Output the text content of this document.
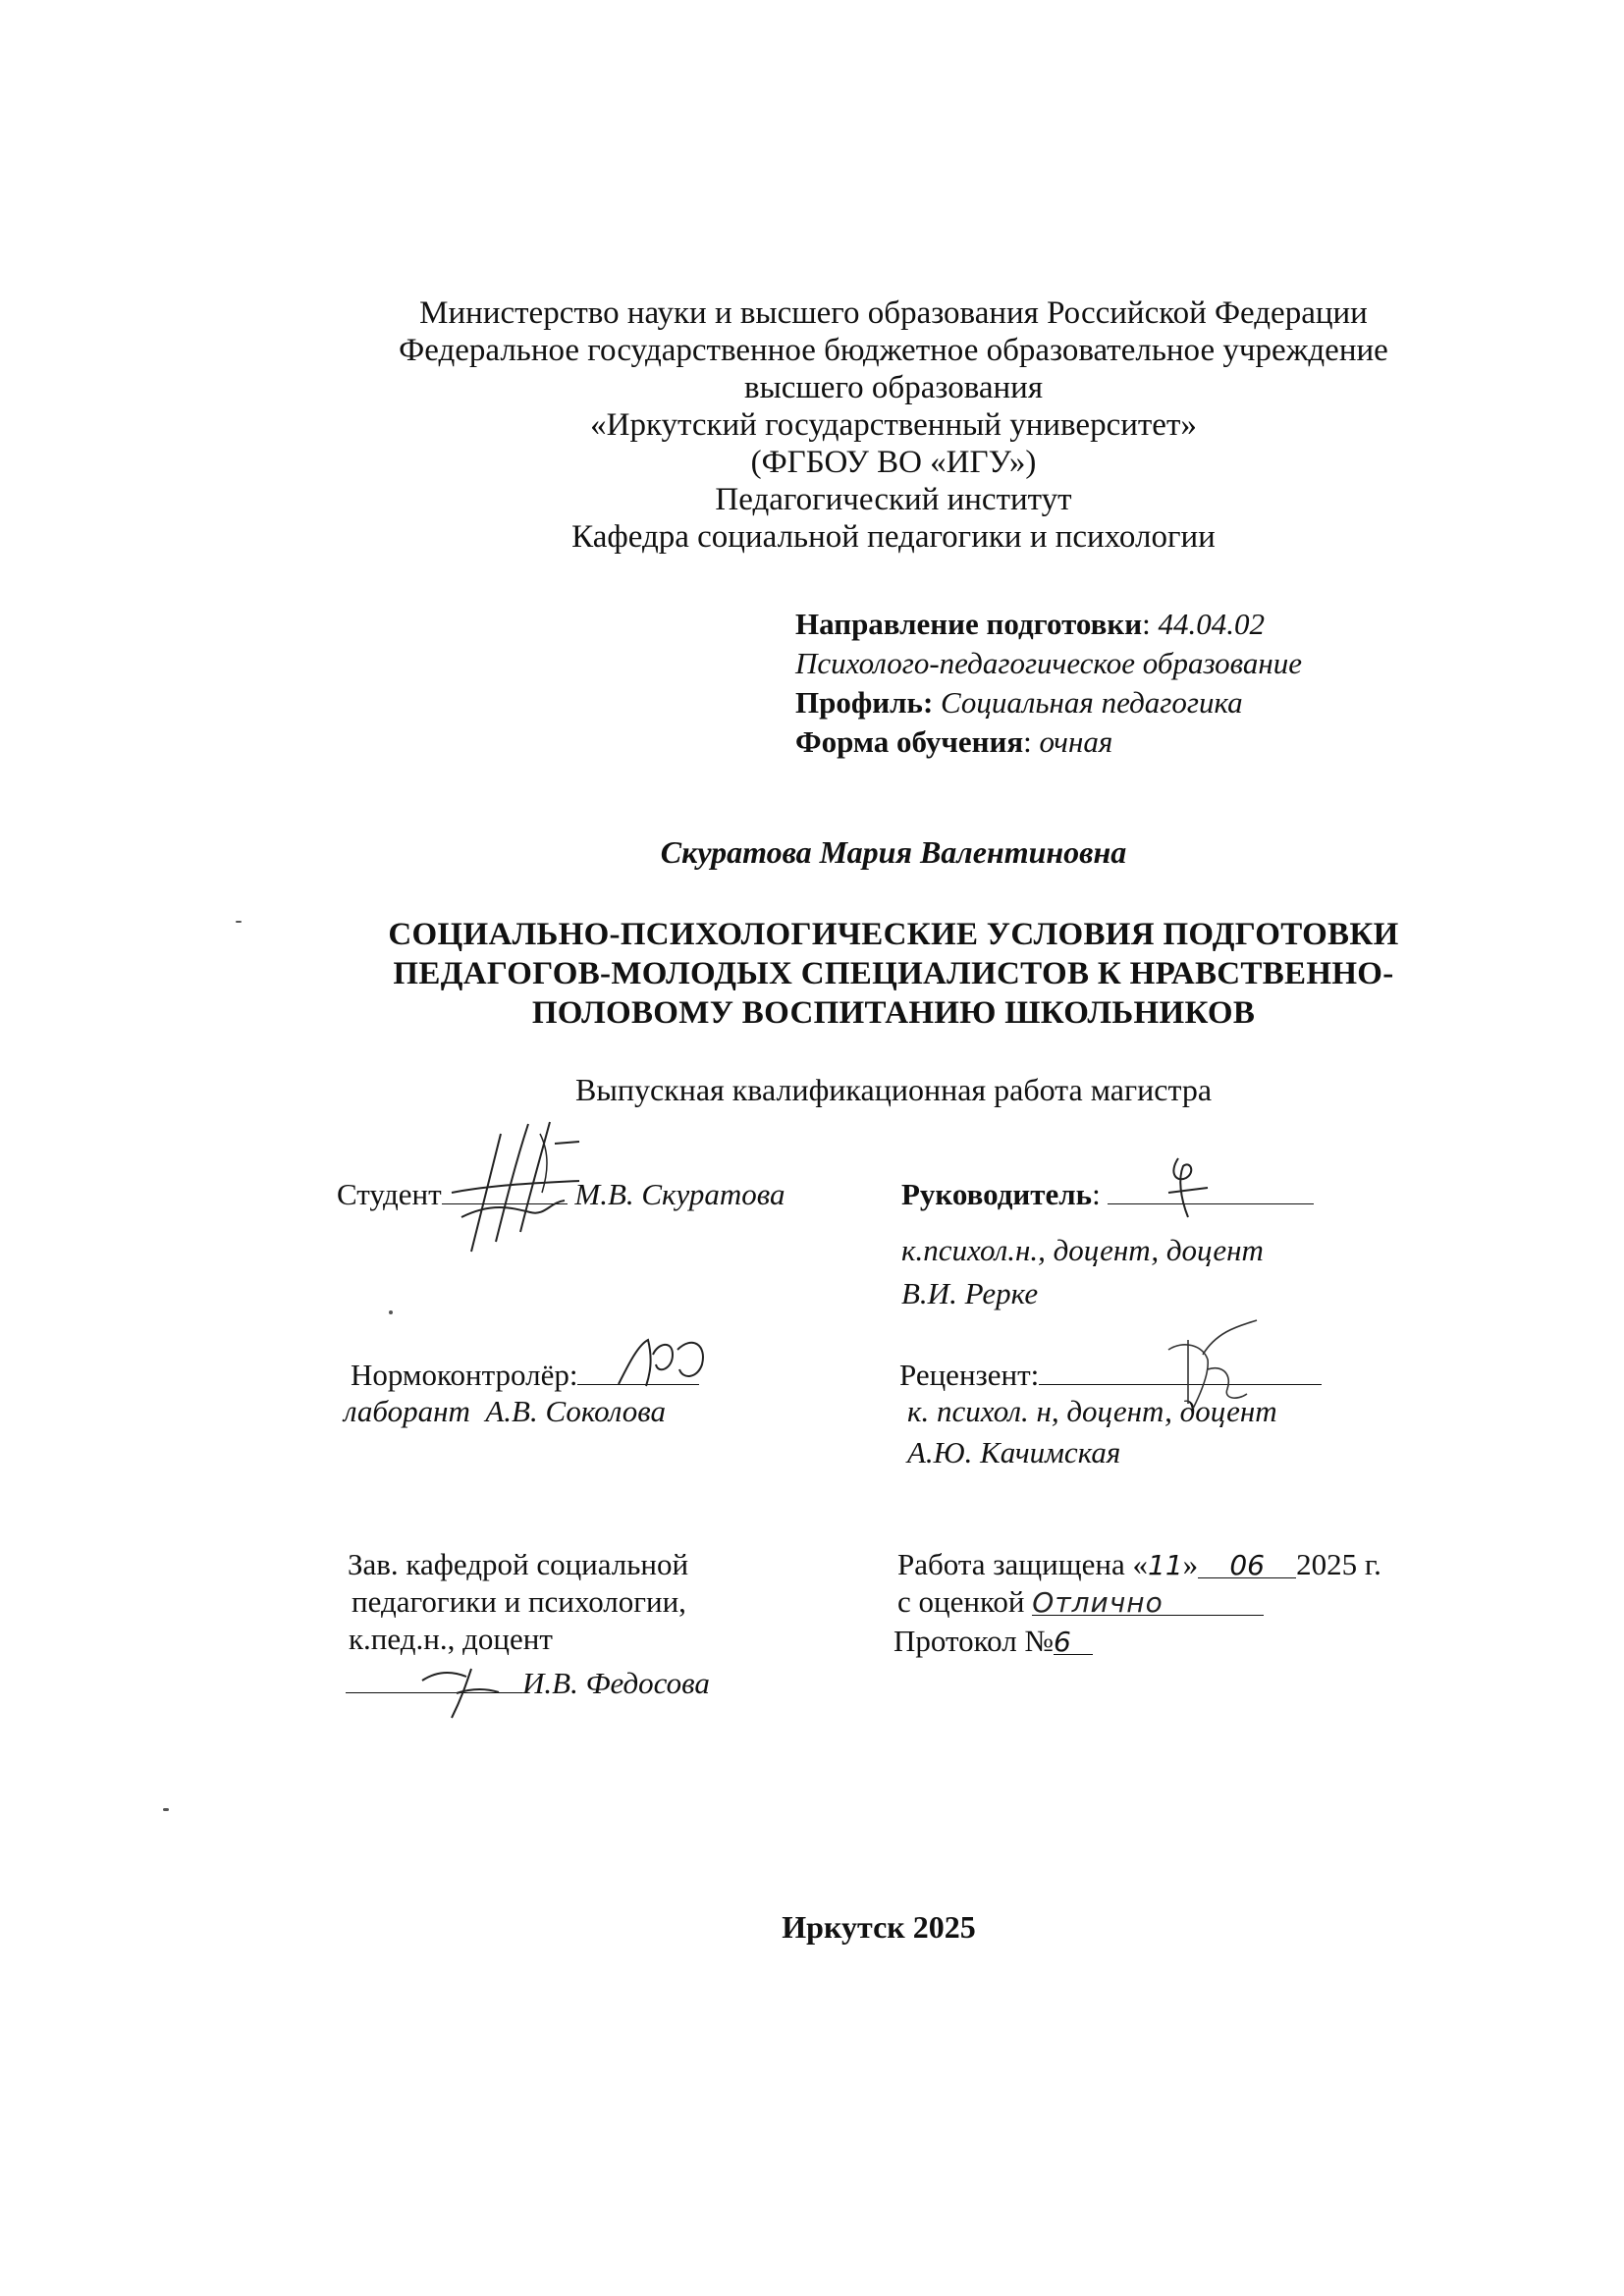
Министерство науки и высшего образования Российской Федерации
Федеральное государственное бюджетное образовательное учреждение
высшего образования
«Иркутский государственный университет»
(ФГБОУ ВО «ИГУ»)
Педагогический институт
Кафедра социальной педагогики и психологии
Направление подготовки: 44.04.02
Психолого-педагогическое образование
Профиль: Социальная педагогика
Форма обучения: очная
Скуратова Мария Валентиновна
СОЦИАЛЬНО-ПСИХОЛОГИЧЕСКИЕ УСЛОВИЯ ПОДГОТОВКИ
ПЕДАГОГОВ-МОЛОДЫХ СПЕЦИАЛИСТОВ К НРАВСТВЕННО-
ПОЛОВОМУ ВОСПИТАНИЮ ШКОЛЬНИКОВ
Выпускная квалификационная работа магистра
Студент	М.В. Скуратова	Руководитель:
к.психол.н., доцент, доцент
В.И. Рерке
Нормоконтролёр:
лаборант А.В. Соколова
Рецензент:
к. психол. н, доцент, доцент
А.Ю. Качимская
Зав. кафедрой социальной
педагогики и психологии,
к.пед.н., доцент
И.В. Федосова
Работа защищена «11» 06 2025 г.
с оценкой Отлично
Протокол №6
Иркутск 2025
